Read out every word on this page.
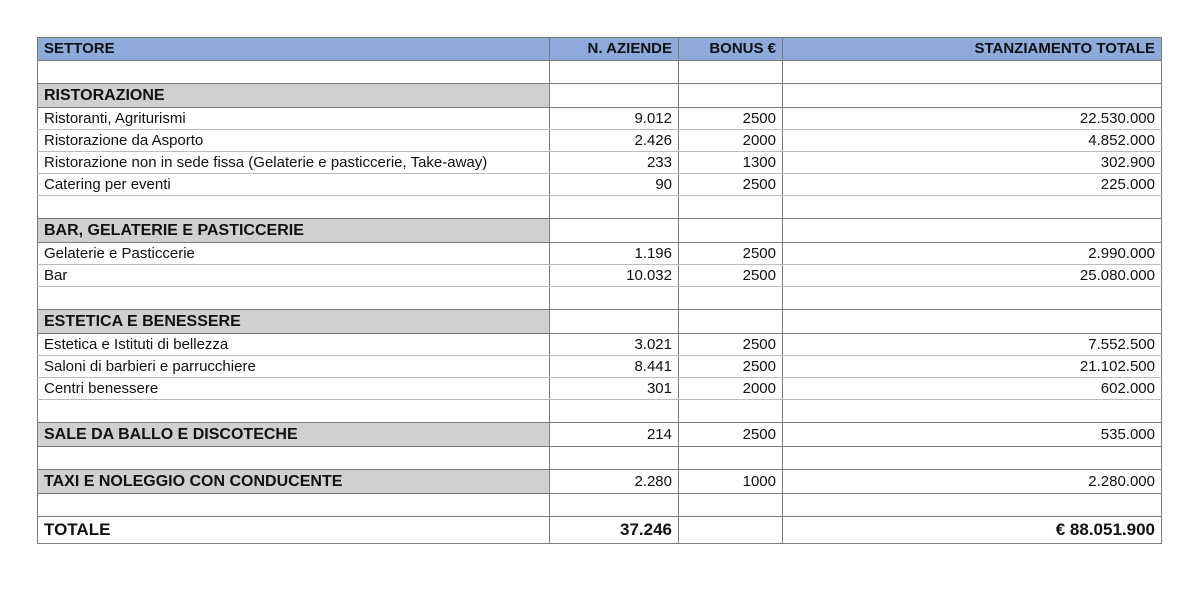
SETTORE	N. AZIENDE	BONUS €	STANZIAMENTO TOTALE

RISTORAZIONE			
Ristoranti, Agriturismi	9.012	2500	22.530.000
Ristorazione da Asporto	2.426	2000	4.852.000
Ristorazione non in sede fissa (Gelaterie e pasticcerie, Take-away)	233	1300	302.900
Catering per eventi	90	2500	225.000

BAR, GELATERIE E PASTICCERIE			
Gelaterie e Pasticcerie	1.196	2500	2.990.000
Bar	10.032	2500	25.080.000

ESTETICA E BENESSERE			
Estetica e Istituti di bellezza	3.021	2500	7.552.500
Saloni di barbieri e parrucchiere	8.441	2500	21.102.500
Centri benessere	301	2000	602.000

SALE DA BALLO E DISCOTECHE	214	2500	535.000

TAXI E NOLEGGIO CON CONDUCENTE	2.280	1000	2.280.000

TOTALE	37.246		€ 88.051.900
